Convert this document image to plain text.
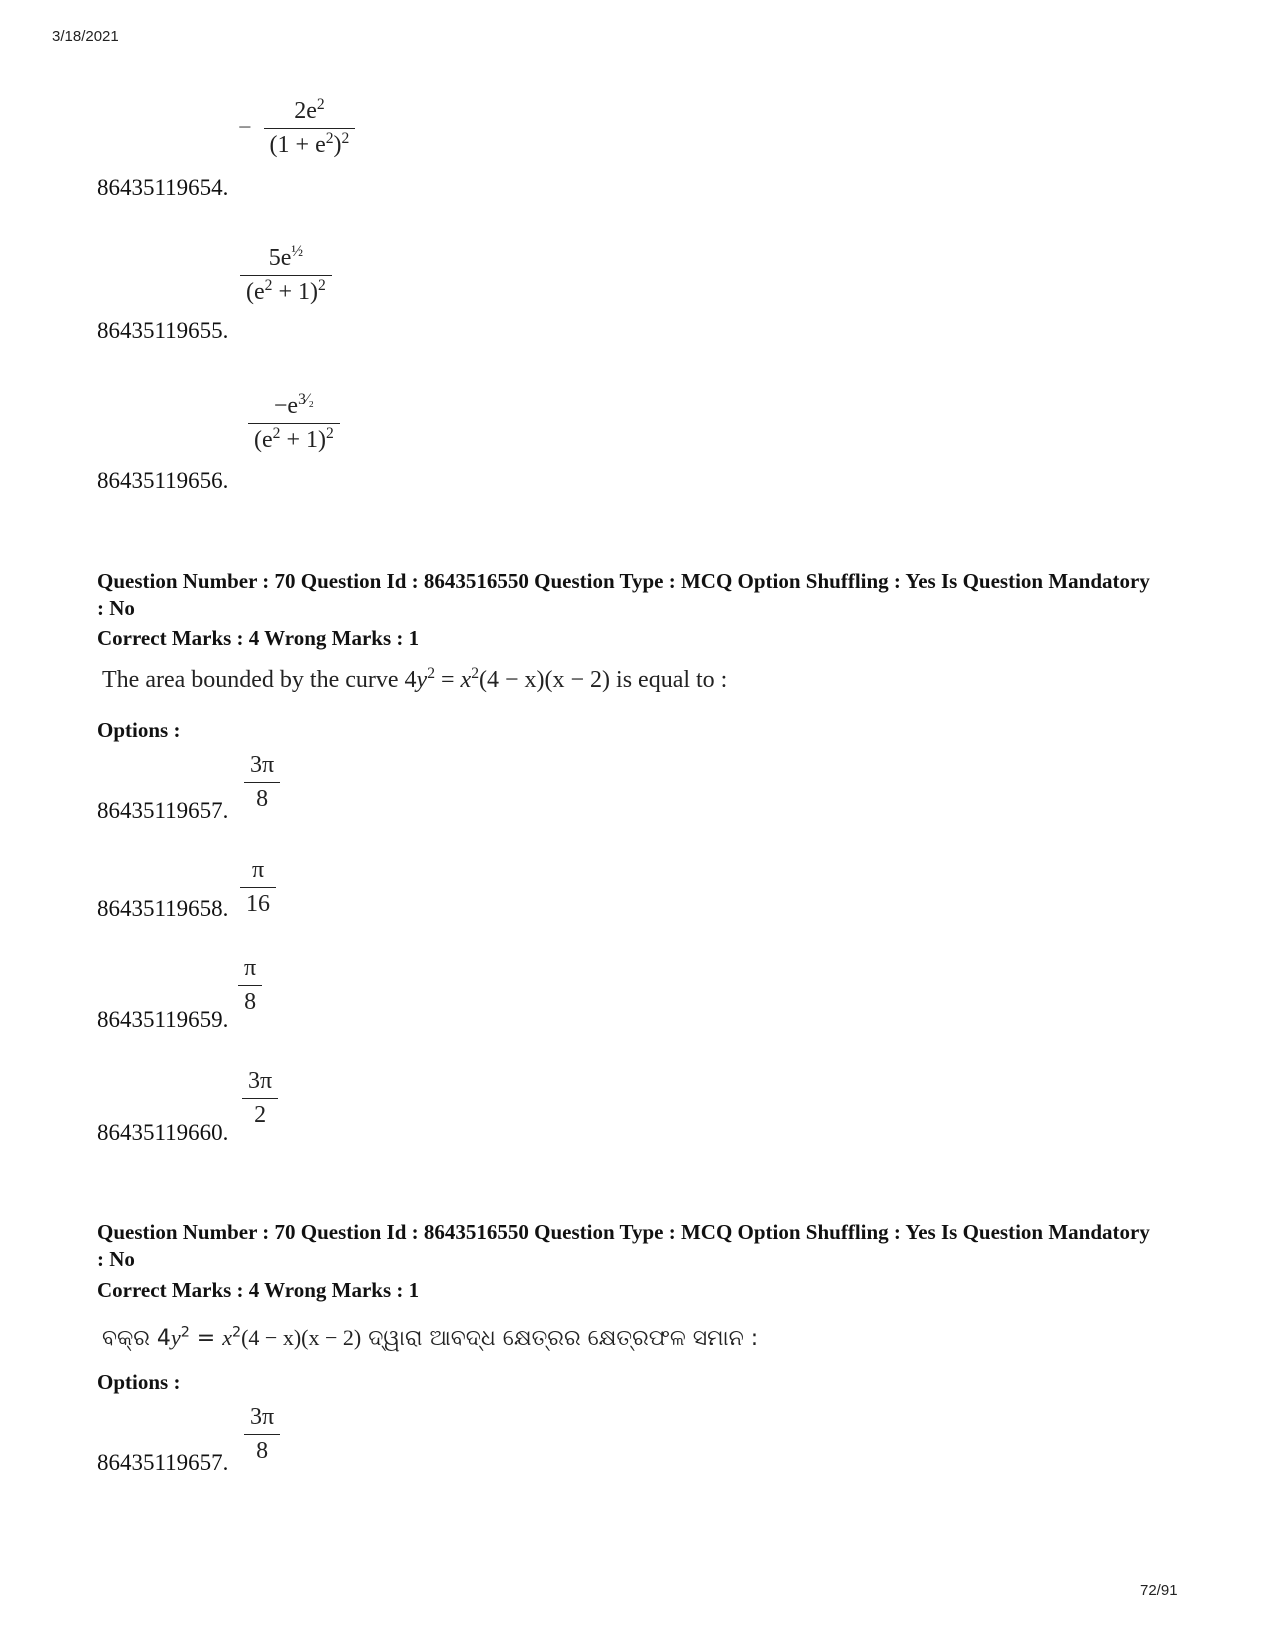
3/18/2021
86435119654.
− $\frac{2e^2}{(1 + e^2)^2}$
86435119655.
$\frac{5e^{\frac{1}{2}}}{(e^2 + 1)^2}$
86435119656.
$\frac{-e^{3⁄_2}}{(e^2 + 1)^2}$
Question Number : 70 Question Id : 8643516550 Question Type : MCQ Option Shuffling : Yes Is Question Mandatory : No
Correct Marks : 4 Wrong Marks : 1
The area bounded by the curve $4y^2 = x^2(4 - x)(x - 2)$ is equal to :
Options :
86435119657. $\frac{3\pi}{8}$
86435119658. $\frac{\pi}{16}$
86435119659.
$\frac{\pi}{8}$
86435119660.
$\frac{3\pi}{2}$
Question Number : 70 Question Id : 8643516550 Question Type : MCQ Option Shuffling : Yes Is Question Mandatory : No
Correct Marks : 4 Wrong Marks : 1
ବକ୍ର $4y^2 = x^2(4 - x)(x - 2)$ ଦ୍ୱାରା ଆବଦ୍ଧ କ୍ଷେତ୍ରର କ୍ଷେତ୍ରଫଳ ସମାନ :
Options :
86435119657. $\frac{3\pi}{8}$
72/91
